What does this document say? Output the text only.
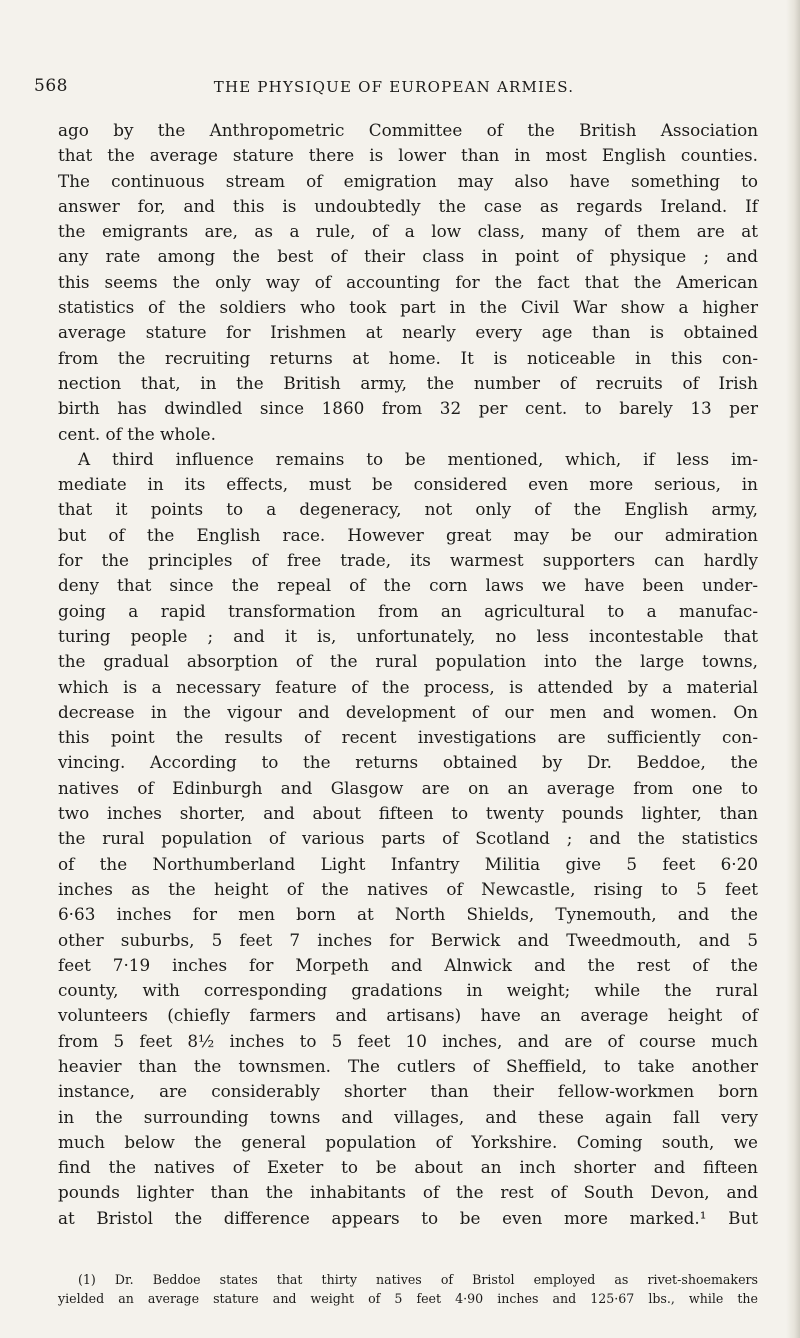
568	THE PHYSIQUE OF EUROPEAN ARMIES.
ago by the Anthropometric Committee of the British Association
that the average stature there is lower than in most English counties.
The continuous stream of emigration may also have something to
answer for, and this is undoubtedly the case as regards Ireland. If
the emigrants are, as a rule, of a low class, many of them are at
any rate among the best of their class in point of physique ; and
this seems the only way of accounting for the fact that the American
statistics of the soldiers who took part in the Civil War show a higher
average stature for Irishmen at nearly every age than is obtained
from the recruiting returns at home. It is noticeable in this con-
nection that, in the British army, the number of recruits of Irish
birth has dwindled since 1860 from 32 per cent. to barely 13 per
cent. of the whole.
A third influence remains to be mentioned, which, if less im-
mediate in its effects, must be considered even more serious, in
that it points to a degeneracy, not only of the English army,
but of the English race. However great may be our admiration
for the principles of free trade, its warmest supporters can hardly
deny that since the repeal of the corn laws we have been under-
going a rapid transformation from an agricultural to a manufac-
turing people ; and it is, unfortunately, no less incontestable that
the gradual absorption of the rural population into the large towns,
which is a necessary feature of the process, is attended by a material
decrease in the vigour and development of our men and women. On
this point the results of recent investigations are sufficiently con-
vincing. According to the returns obtained by Dr. Beddoe, the
natives of Edinburgh and Glasgow are on an average from one to
two inches shorter, and about fifteen to twenty pounds lighter, than
the rural population of various parts of Scotland ; and the statistics
of the Northumberland Light Infantry Militia give 5 feet 6·20
inches as the height of the natives of Newcastle, rising to 5 feet
6·63 inches for men born at North Shields, Tynemouth, and the
other suburbs, 5 feet 7 inches for Berwick and Tweedmouth, and 5
feet 7·19 inches for Morpeth and Alnwick and the rest of the
county, with corresponding gradations in weight; while the rural
volunteers (chiefly farmers and artisans) have an average height of
from 5 feet 8½ inches to 5 feet 10 inches, and are of course much
heavier than the townsmen. The cutlers of Sheffield, to take another
instance, are considerably shorter than their fellow-workmen born
in the surrounding towns and villages, and these again fall very
much below the general population of Yorkshire. Coming south, we
find the natives of Exeter to be about an inch shorter and fifteen
pounds lighter than the inhabitants of the rest of South Devon, and
at Bristol the difference appears to be even more marked.¹ But
(1) Dr. Beddoe states that thirty natives of Bristol employed as rivet-shoemakers
yielded an average stature and weight of 5 feet 4·90 inches and 125·67 lbs., while the
